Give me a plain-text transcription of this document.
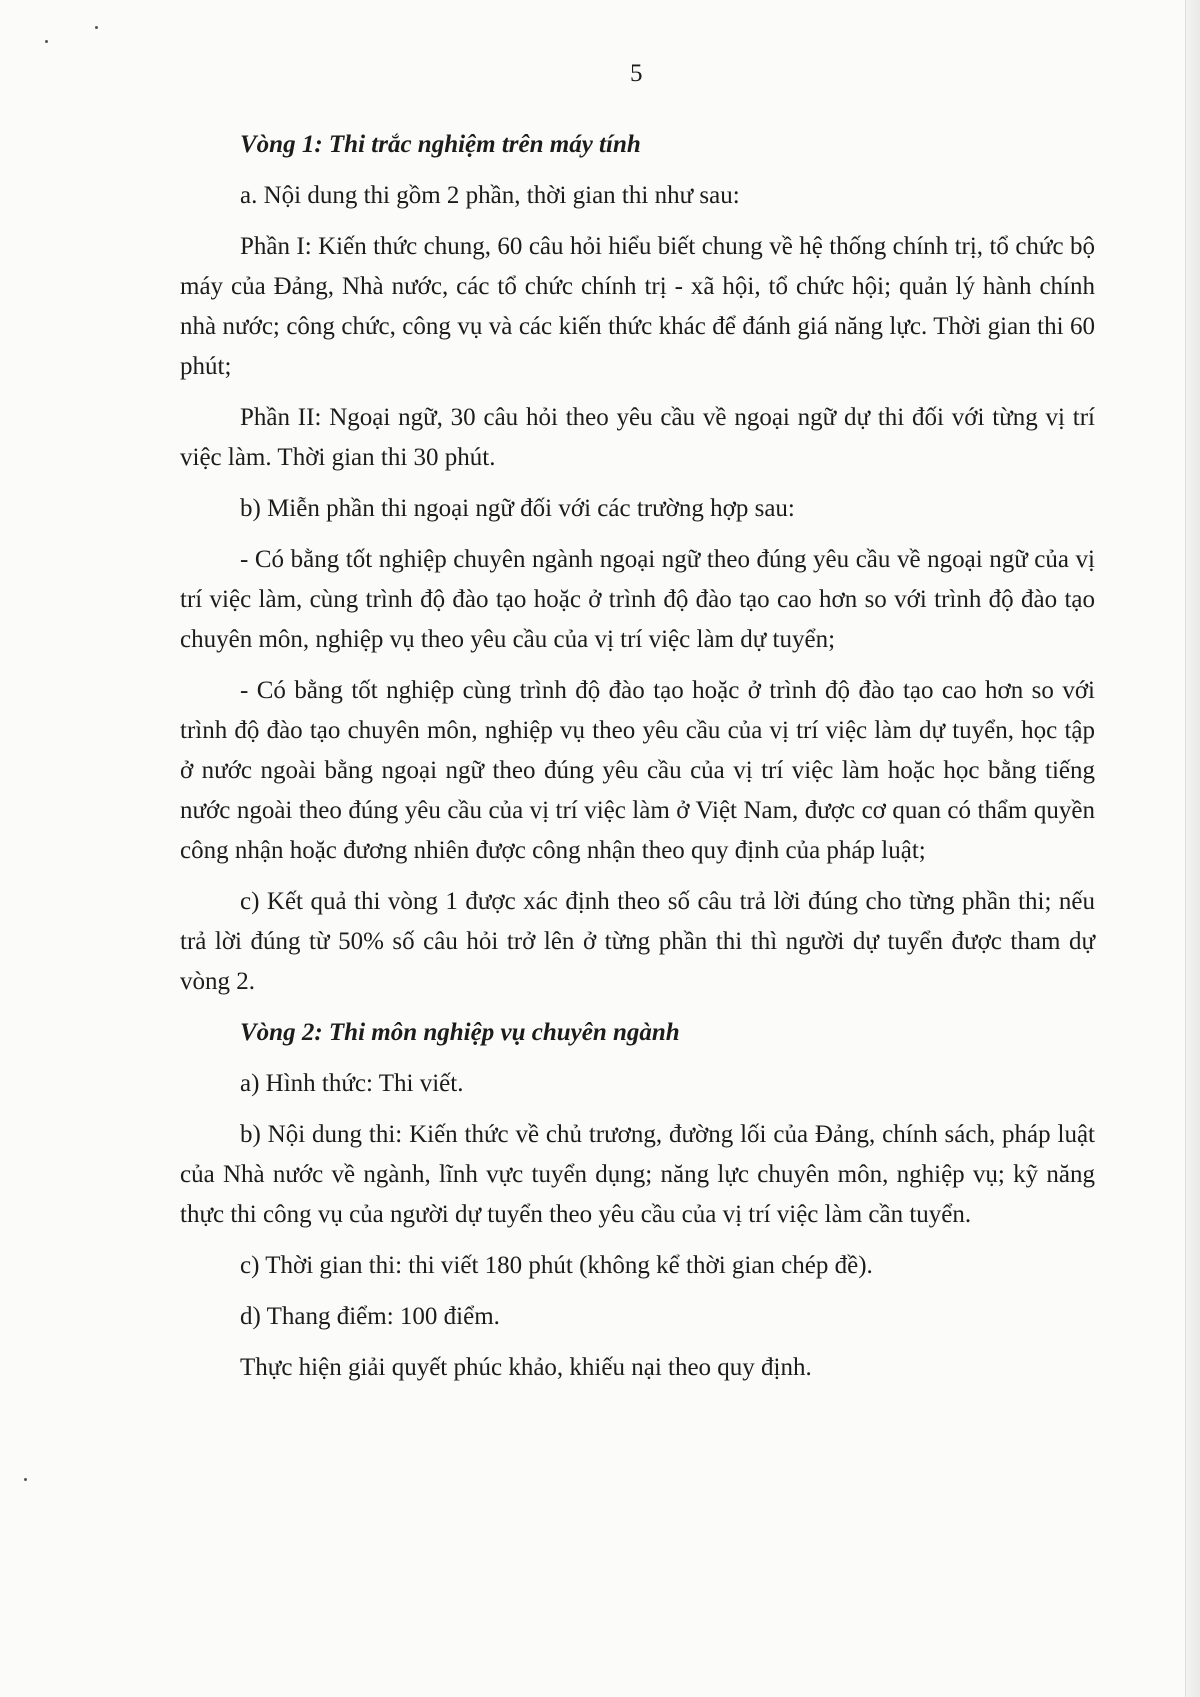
5

Vòng 1: Thi trắc nghiệm trên máy tính

a. Nội dung thi gồm 2 phần, thời gian thi như sau:

Phần I: Kiến thức chung, 60 câu hỏi hiểu biết chung về hệ thống chính trị, tổ chức bộ máy của Đảng, Nhà nước, các tổ chức chính trị - xã hội, tổ chức hội; quản lý hành chính nhà nước; công chức, công vụ và các kiến thức khác để đánh giá năng lực. Thời gian thi 60 phút;

Phần II: Ngoại ngữ, 30 câu hỏi theo yêu cầu về ngoại ngữ dự thi đối với từng vị trí việc làm. Thời gian thi 30 phút.

b) Miễn phần thi ngoại ngữ đối với các trường hợp sau:

- Có bằng tốt nghiệp chuyên ngành ngoại ngữ theo đúng yêu cầu về ngoại ngữ của vị trí việc làm, cùng trình độ đào tạo hoặc ở trình độ đào tạo cao hơn so với trình độ đào tạo chuyên môn, nghiệp vụ theo yêu cầu của vị trí việc làm dự tuyển;

- Có bằng tốt nghiệp cùng trình độ đào tạo hoặc ở trình độ đào tạo cao hơn so với trình độ đào tạo chuyên môn, nghiệp vụ theo yêu cầu của vị trí việc làm dự tuyển, học tập ở nước ngoài bằng ngoại ngữ theo đúng yêu cầu của vị trí việc làm hoặc học bằng tiếng nước ngoài theo đúng yêu cầu của vị trí việc làm ở Việt Nam, được cơ quan có thẩm quyền công nhận hoặc đương nhiên được công nhận theo quy định của pháp luật;

c) Kết quả thi vòng 1 được xác định theo số câu trả lời đúng cho từng phần thi; nếu trả lời đúng từ 50% số câu hỏi trở lên ở từng phần thi thì người dự tuyển được tham dự vòng 2.

Vòng 2: Thi môn nghiệp vụ chuyên ngành

a) Hình thức: Thi viết.

b) Nội dung thi: Kiến thức về chủ trương, đường lối của Đảng, chính sách, pháp luật của Nhà nước về ngành, lĩnh vực tuyển dụng; năng lực chuyên môn, nghiệp vụ; kỹ năng thực thi công vụ của người dự tuyển theo yêu cầu của vị trí việc làm cần tuyển.

c) Thời gian thi: thi viết 180 phút (không kể thời gian chép đề).

d) Thang điểm: 100 điểm.

Thực hiện giải quyết phúc khảo, khiếu nại theo quy định.
